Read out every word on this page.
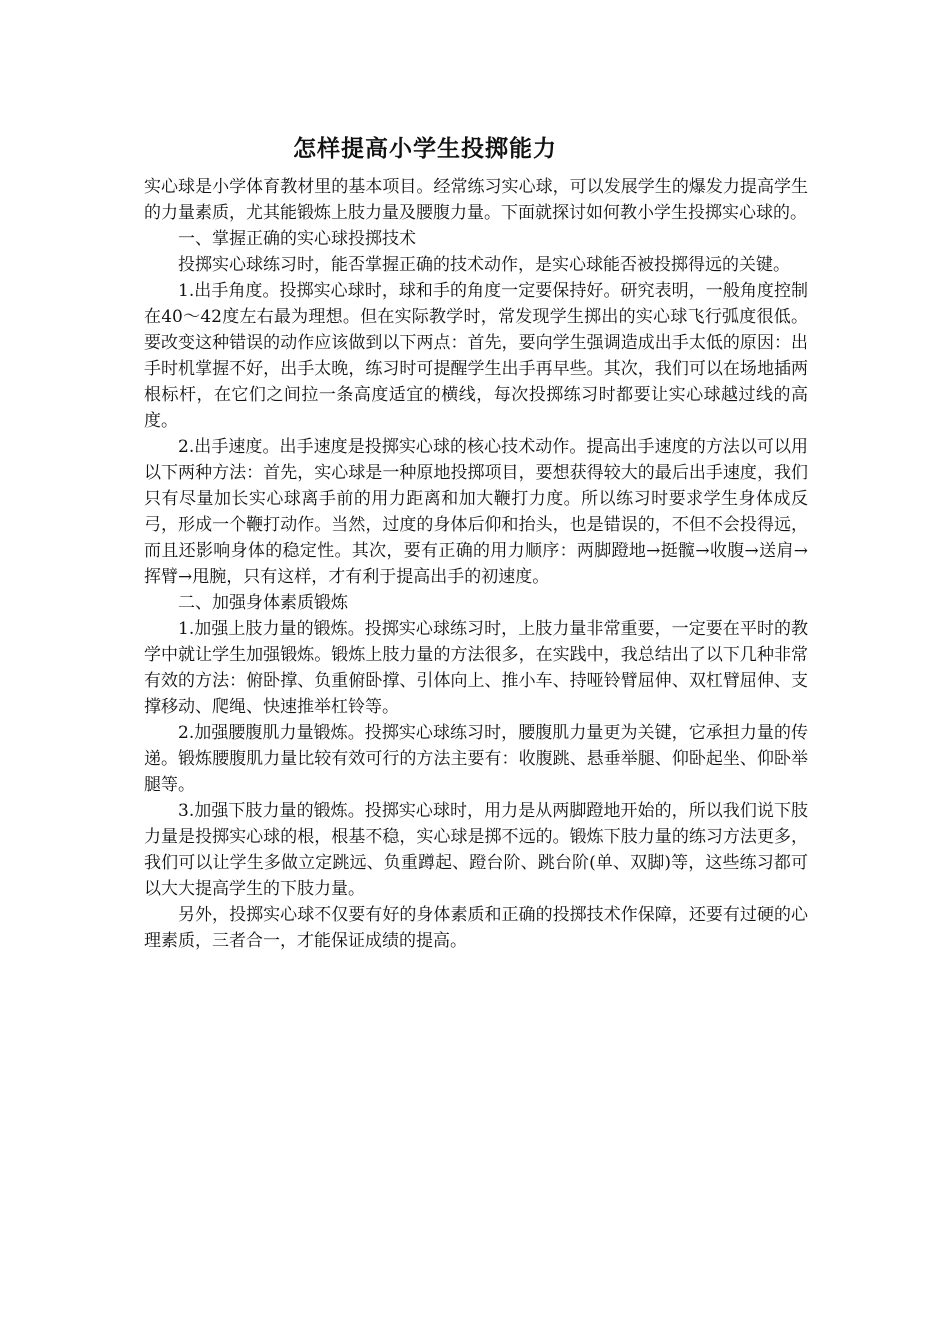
怎样提高小学生投掷能力

实心球是小学体育教材里的基本项目。经常练习实心球，可以发展学生的爆发力提高学生的力量素质，尤其能锻炼上肢力量及腰腹力量。下面就探讨如何教小学生投掷实心球的。

一、掌握正确的实心球投掷技术

投掷实心球练习时，能否掌握正确的技术动作，是实心球能否被投掷得远的关键。

1.出手角度。投掷实心球时，球和手的角度一定要保持好。研究表明，一般角度控制在40～42度左右最为理想。但在实际教学时，常发现学生掷出的实心球飞行弧度很低。要改变这种错误的动作应该做到以下两点：首先，要向学生强调造成出手太低的原因：出手时机掌握不好，出手太晚，练习时可提醒学生出手再早些。其次，我们可以在场地插两根标杆，在它们之间拉一条高度适宜的横线，每次投掷练习时都要让实心球越过线的高度。

2.出手速度。出手速度是投掷实心球的核心技术动作。提高出手速度的方法以可以用以下两种方法：首先，实心球是一种原地投掷项目，要想获得较大的最后出手速度，我们只有尽量加长实心球离手前的用力距离和加大鞭打力度。所以练习时要求学生身体成反弓，形成一个鞭打动作。当然，过度的身体后仰和抬头，也是错误的，不但不会投得远，而且还影响身体的稳定性。其次，要有正确的用力顺序：两脚蹬地→挺髋→收腹→送肩→挥臂→甩腕，只有这样，才有利于提高出手的初速度。

二、加强身体素质锻炼

1.加强上肢力量的锻炼。投掷实心球练习时，上肢力量非常重要，一定要在平时的教学中就让学生加强锻炼。锻炼上肢力量的方法很多，在实践中，我总结出了以下几种非常有效的方法：俯卧撑、负重俯卧撑、引体向上、推小车、持哑铃臂屈伸、双杠臂屈伸、支撑移动、爬绳、快速推举杠铃等。

2.加强腰腹肌力量锻炼。投掷实心球练习时，腰腹肌力量更为关键，它承担力量的传递。锻炼腰腹肌力量比较有效可行的方法主要有：收腹跳、悬垂举腿、仰卧起坐、仰卧举腿等。

3.加强下肢力量的锻炼。投掷实心球时，用力是从两脚蹬地开始的，所以我们说下肢力量是投掷实心球的根，根基不稳，实心球是掷不远的。锻炼下肢力量的练习方法更多，我们可以让学生多做立定跳远、负重蹲起、蹬台阶、跳台阶(单、双脚)等，这些练习都可以大大提高学生的下肢力量。

另外，投掷实心球不仅要有好的身体素质和正确的投掷技术作保障，还要有过硬的心理素质，三者合一，才能保证成绩的提高。
